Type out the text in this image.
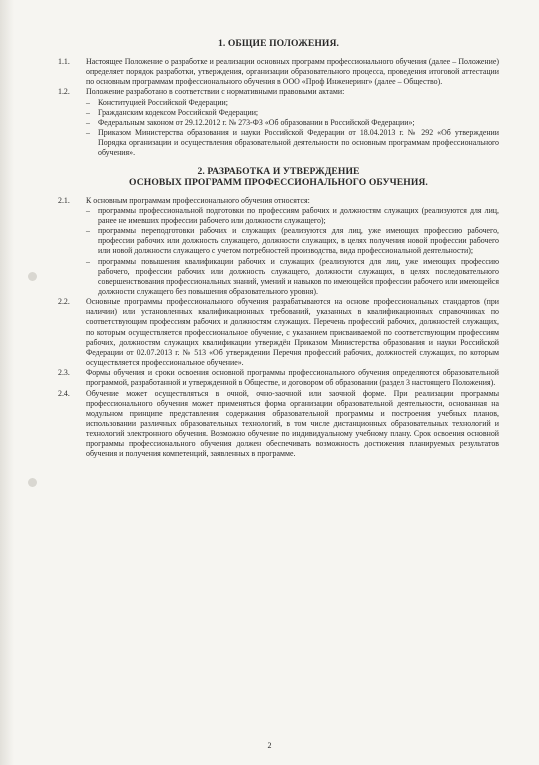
1. ОБЩИЕ ПОЛОЖЕНИЯ.
1.1.	Настоящее Положение о разработке и реализации основных программ профессионального обучения (далее – Положение) определяет порядок разработки, утверждения, организации образовательного процесса, проведения итоговой аттестации по основным программам профессионального обучения в ООО «Проф Инженеринг» (далее – Общество).
1.2.	Положение разработано в соответствии с нормативными правовыми актами:
–	Конституцией Российской Федерации;
–	Гражданским кодексом Российской Федерации;
–	Федеральным законом от 29.12.2012 г. № 273-ФЗ «Об образовании в Российской Федерации»;
–	Приказом Министерства образования и науки Российской Федерации от 18.04.2013 г. № 292 «Об утверждении Порядка организации и осуществления образовательной деятельности по основным программам профессионального обучения».
2. РАЗРАБОТКА И УТВЕРЖДЕНИЕ
ОСНОВЫХ ПРОГРАММ ПРОФЕССИОНАЛЬНОГО ОБУЧЕНИЯ.
2.1.	К основным программам профессионального обучения относятся:
–	программы профессиональной подготовки по профессиям рабочих и должностям служащих (реализуются для лиц, ранее не имевших профессии рабочего или должности служащего);
–	программы переподготовки рабочих и служащих (реализуются для лиц, уже имеющих профессию рабочего, профессии рабочих или должность служащего, должности служащих, в целях получения новой профессии рабочего или новой должности служащего с учетом потребностей производства, вида профессиональной деятельности);
–	программы повышения квалификации рабочих и служащих (реализуются для лиц, уже имеющих профессию рабочего, профессии рабочих или должность служащего, должности служащих, в целях последовательного совершенствования профессиональных знаний, умений и навыков по имеющейся профессии рабочего или имеющейся должности служащего без повышения образовательного уровня).
2.2.	Основные программы профессионального обучения разрабатываются на основе профессиональных стандартов (при наличии) или установленных квалификационных требований, указанных в квалификационных справочниках по соответствующим профессиям рабочих и должностям служащих. Перечень профессий рабочих, должностей служащих, по которым осуществляется профессиональное обучение, с указанием присваиваемой по соответствующим профессиям рабочих, должностям служащих квалификации утверждён Приказом Министерства образования и науки Российской Федерации от 02.07.2013 г. № 513 «Об утверждении Перечня профессий рабочих, должностей служащих, по которым осуществляется профессиональное обучение».
2.3.	Формы обучения и сроки освоения основной программы профессионального обучения определяются образовательной программой, разработанной и утвержденной в Обществе, и договором об образовании (раздел 3 настоящего Положения).
2.4.	Обучение может осуществляться в очной, очно-заочной или заочной форме. При реализации программы профессионального обучения может применяться форма организации образовательной деятельности, основанная на модульном принципе представления содержания образовательной программы и построения учебных планов, использовании различных образовательных технологий, в том числе дистанционных образовательных технологий и технологий электронного обучения. Возможно обучение по индивидуальному учебному плану. Срок освоения основной программы профессионального обучения должен обеспечивать возможность достижения планируемых результатов обучения и получения компетенций, заявленных в программе.
2
